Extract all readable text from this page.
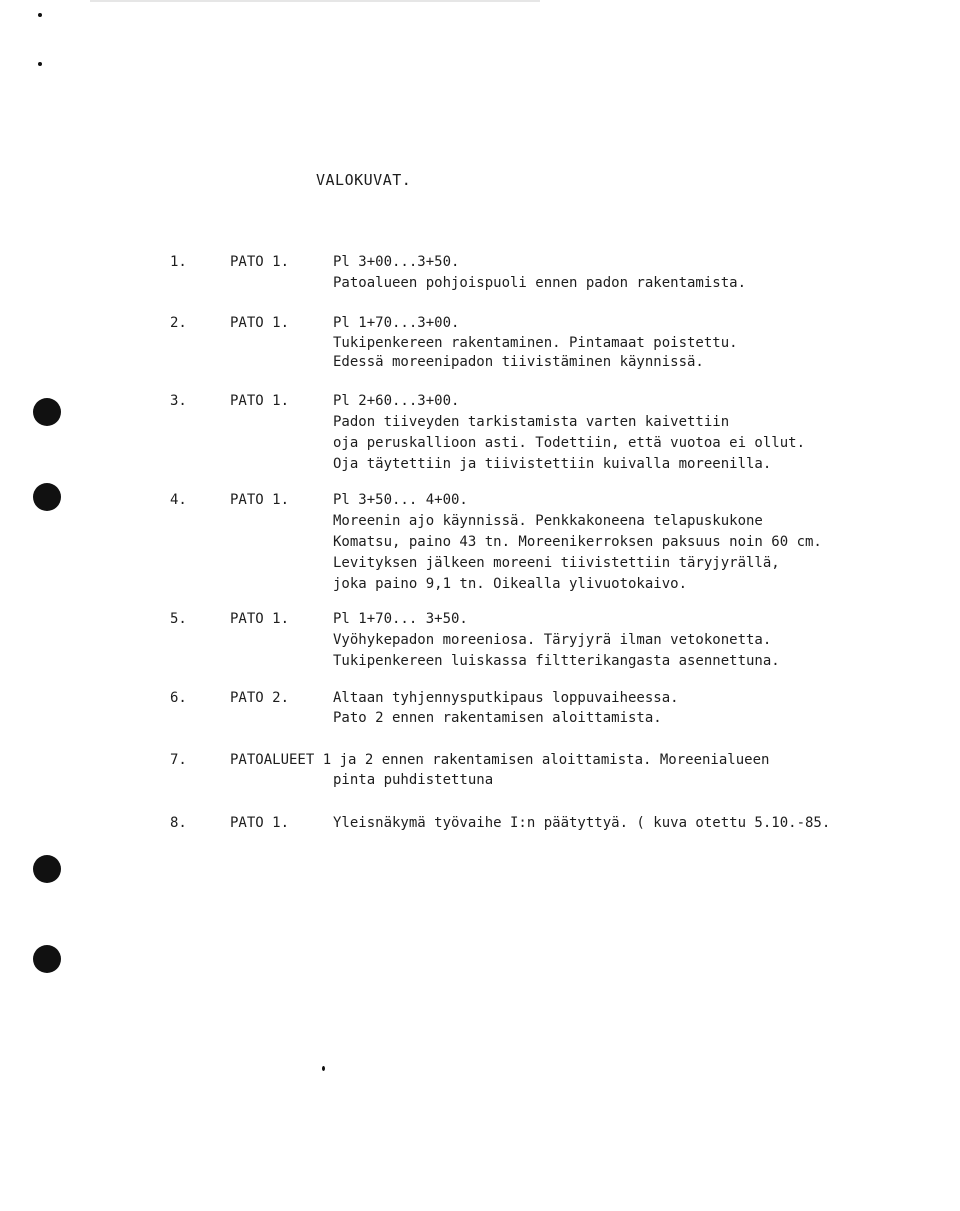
VALOKUVAT.
1.	PATO 1.	Pl 3+00...3+50.
Patoalueen pohjoispuoli ennen padon rakentamista.
2.	PATO 1.	Pl 1+70...3+00.
Tukipenkereen rakentaminen. Pintamaat poistettu.
Edessä moreenipadon tiivistäminen käynnissä.
3.	PATO 1.	Pl 2+60...3+00.
Padon tiiveyden tarkistamista varten kaivettiin
oja peruskallioon asti. Todettiin, että vuotoa ei ollut.
Oja täytettiin ja tiivistettiin kuivalla moreenilla.
4.	PATO 1.	Pl 3+50... 4+00.
Moreenin ajo käynnissä. Penkkakoneena telapuskukone
Komatsu, paino 43 tn. Moreenikerroksen paksuus noin 60 cm.
Levityksen jälkeen moreeni tiivistettiin täryjyrällä,
joka paino 9,1 tn. Oikealla ylivuotokaivo.
5.	PATO 1.	Pl 1+70... 3+50.
Vyöhykepadon moreeniosa. Täryjyrä ilman vetokonetta.
Tukipenkereen luiskassa filtterikangasta asennettuna.
6.	PATO 2.	Altaan tyhjennysputkipaus loppuvaiheessa.
Pato 2 ennen rakentamisen aloittamista.
7.	PATOALUEET 1 ja 2 ennen rakentamisen aloittamista. Moreenialueen
pinta puhdistettuna
8.	PATO 1.	Yleisnäkymä työvaihe I:n päätyttyä. ( kuva otettu 5.10.-85.
